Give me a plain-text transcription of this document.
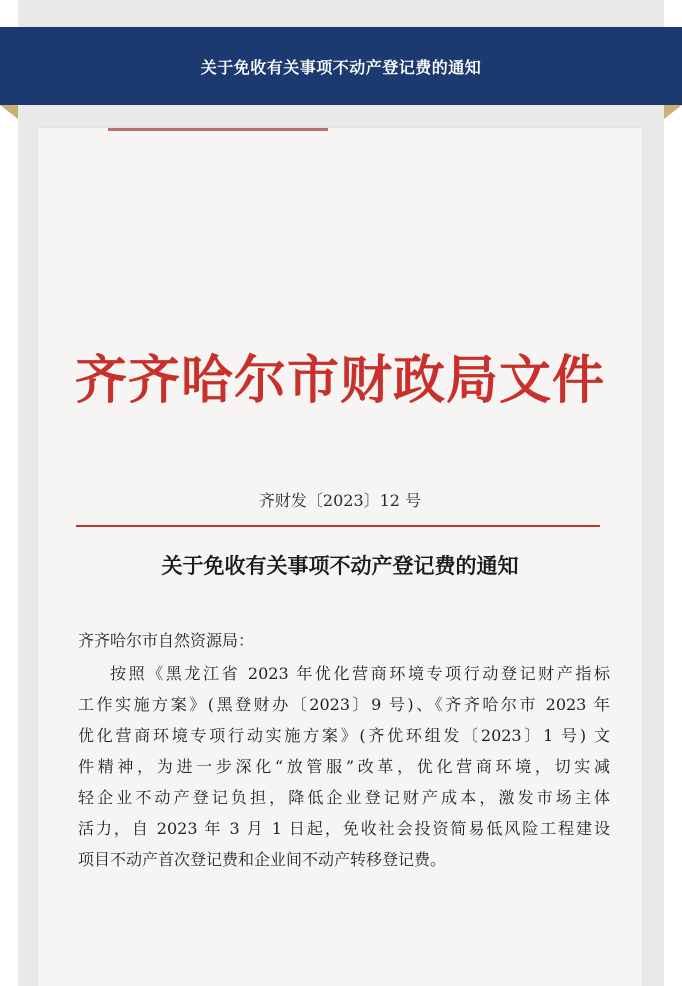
关于免收有关事项不动产登记费的通知
齐齐哈尔市财政局文件
齐财发〔2023〕12 号
关于免收有关事项不动产登记费的通知
齐齐哈尔市自然资源局：
按照《黑龙江省 2023 年优化营商环境专项行动登记财产指标
工作实施方案》(黑登财办〔2023〕9 号)、《齐齐哈尔市 2023 年
优化营商环境专项行动实施方案》(齐优环组发〔2023〕1 号) 文
件精神，为进一步深化“放管服”改革，优化营商环境，切实减
轻企业不动产登记负担，降低企业登记财产成本，激发市场主体
活力，自 2023 年 3 月 1 日起，免收社会投资简易低风险工程建设
项目不动产首次登记费和企业间不动产转移登记费。
